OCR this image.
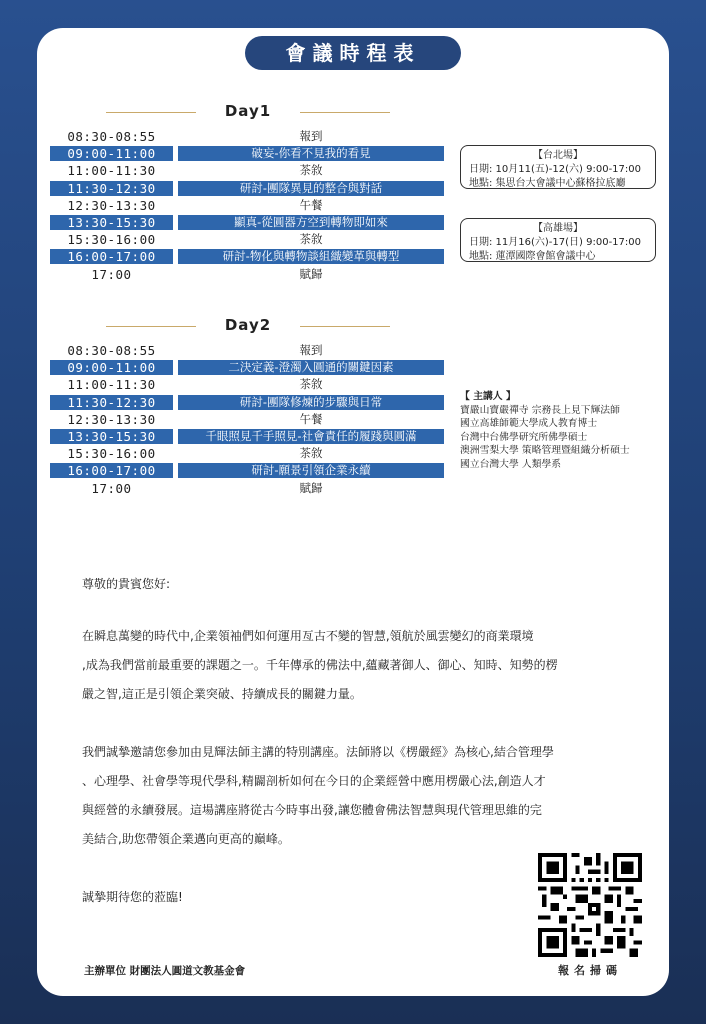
會議時程表
Day1
08:30-08:55	報到
09:00-11:00	破妄-你看不見我的看見
11:00-11:30	茶敘
11:30-12:30	研討-團隊異見的整合與對話
12:30-13:30	午餐
13:30-15:30	顯真-從圓器方空到轉物即如來
15:30-16:00	茶敘
16:00-17:00	研討-物化與轉物談組織變革與轉型
17:00	賦歸
Day2
08:30-08:55	報到
09:00-11:00	二決定義-澄濁入圓通的關鍵因素
11:00-11:30	茶敘
11:30-12:30	研討-團隊修煉的步驟與日常
12:30-13:30	午餐
13:30-15:30	千眼照見千手照見-社會責任的履踐與圓滿
15:30-16:00	茶敘
16:00-17:00	研討-願景引領企業永續
17:00	賦歸
【台北場】
日期: 10月11(五)-12(六) 9:00-17:00
地點: 集思台大會議中心蘇格拉底廳
【高雄場】
日期: 11月16(六)-17(日) 9:00-17:00
地點: 蓮潭國際會館會議中心
【 主講人 】
寶嚴山寶嚴禪寺 宗務長上見下輝法師
國立高雄師範大學成人教育博士
台灣中台佛學研究所佛學碩士
澳洲雪梨大學 策略管理暨組織分析碩士
國立台灣大學 人類學系

尊敬的貴賓您好:

在瞬息萬變的時代中,企業領袖們如何運用亙古不變的智慧,領航於風雲變幻的商業環境

,成為我們當前最重要的課題之一。千年傳承的佛法中,蘊藏著御人、御心、知時、知勢的楞

嚴之智,這正是引領企業突破、持續成長的關鍵力量。

我們誠摯邀請您參加由見輝法師主講的特別講座。法師將以《楞嚴經》為核心,結合管理學

、心理學、社會學等現代學科,精闢剖析如何在今日的企業經營中應用楞嚴心法,創造人才

與經營的永續發展。這場講座將從古今時事出發,讓您體會佛法智慧與現代管理思維的完

美結合,助您帶領企業邁向更高的巔峰。

誠摯期待您的蒞臨!

報名掃碼
主辦單位 財團法人圓道文教基金會
